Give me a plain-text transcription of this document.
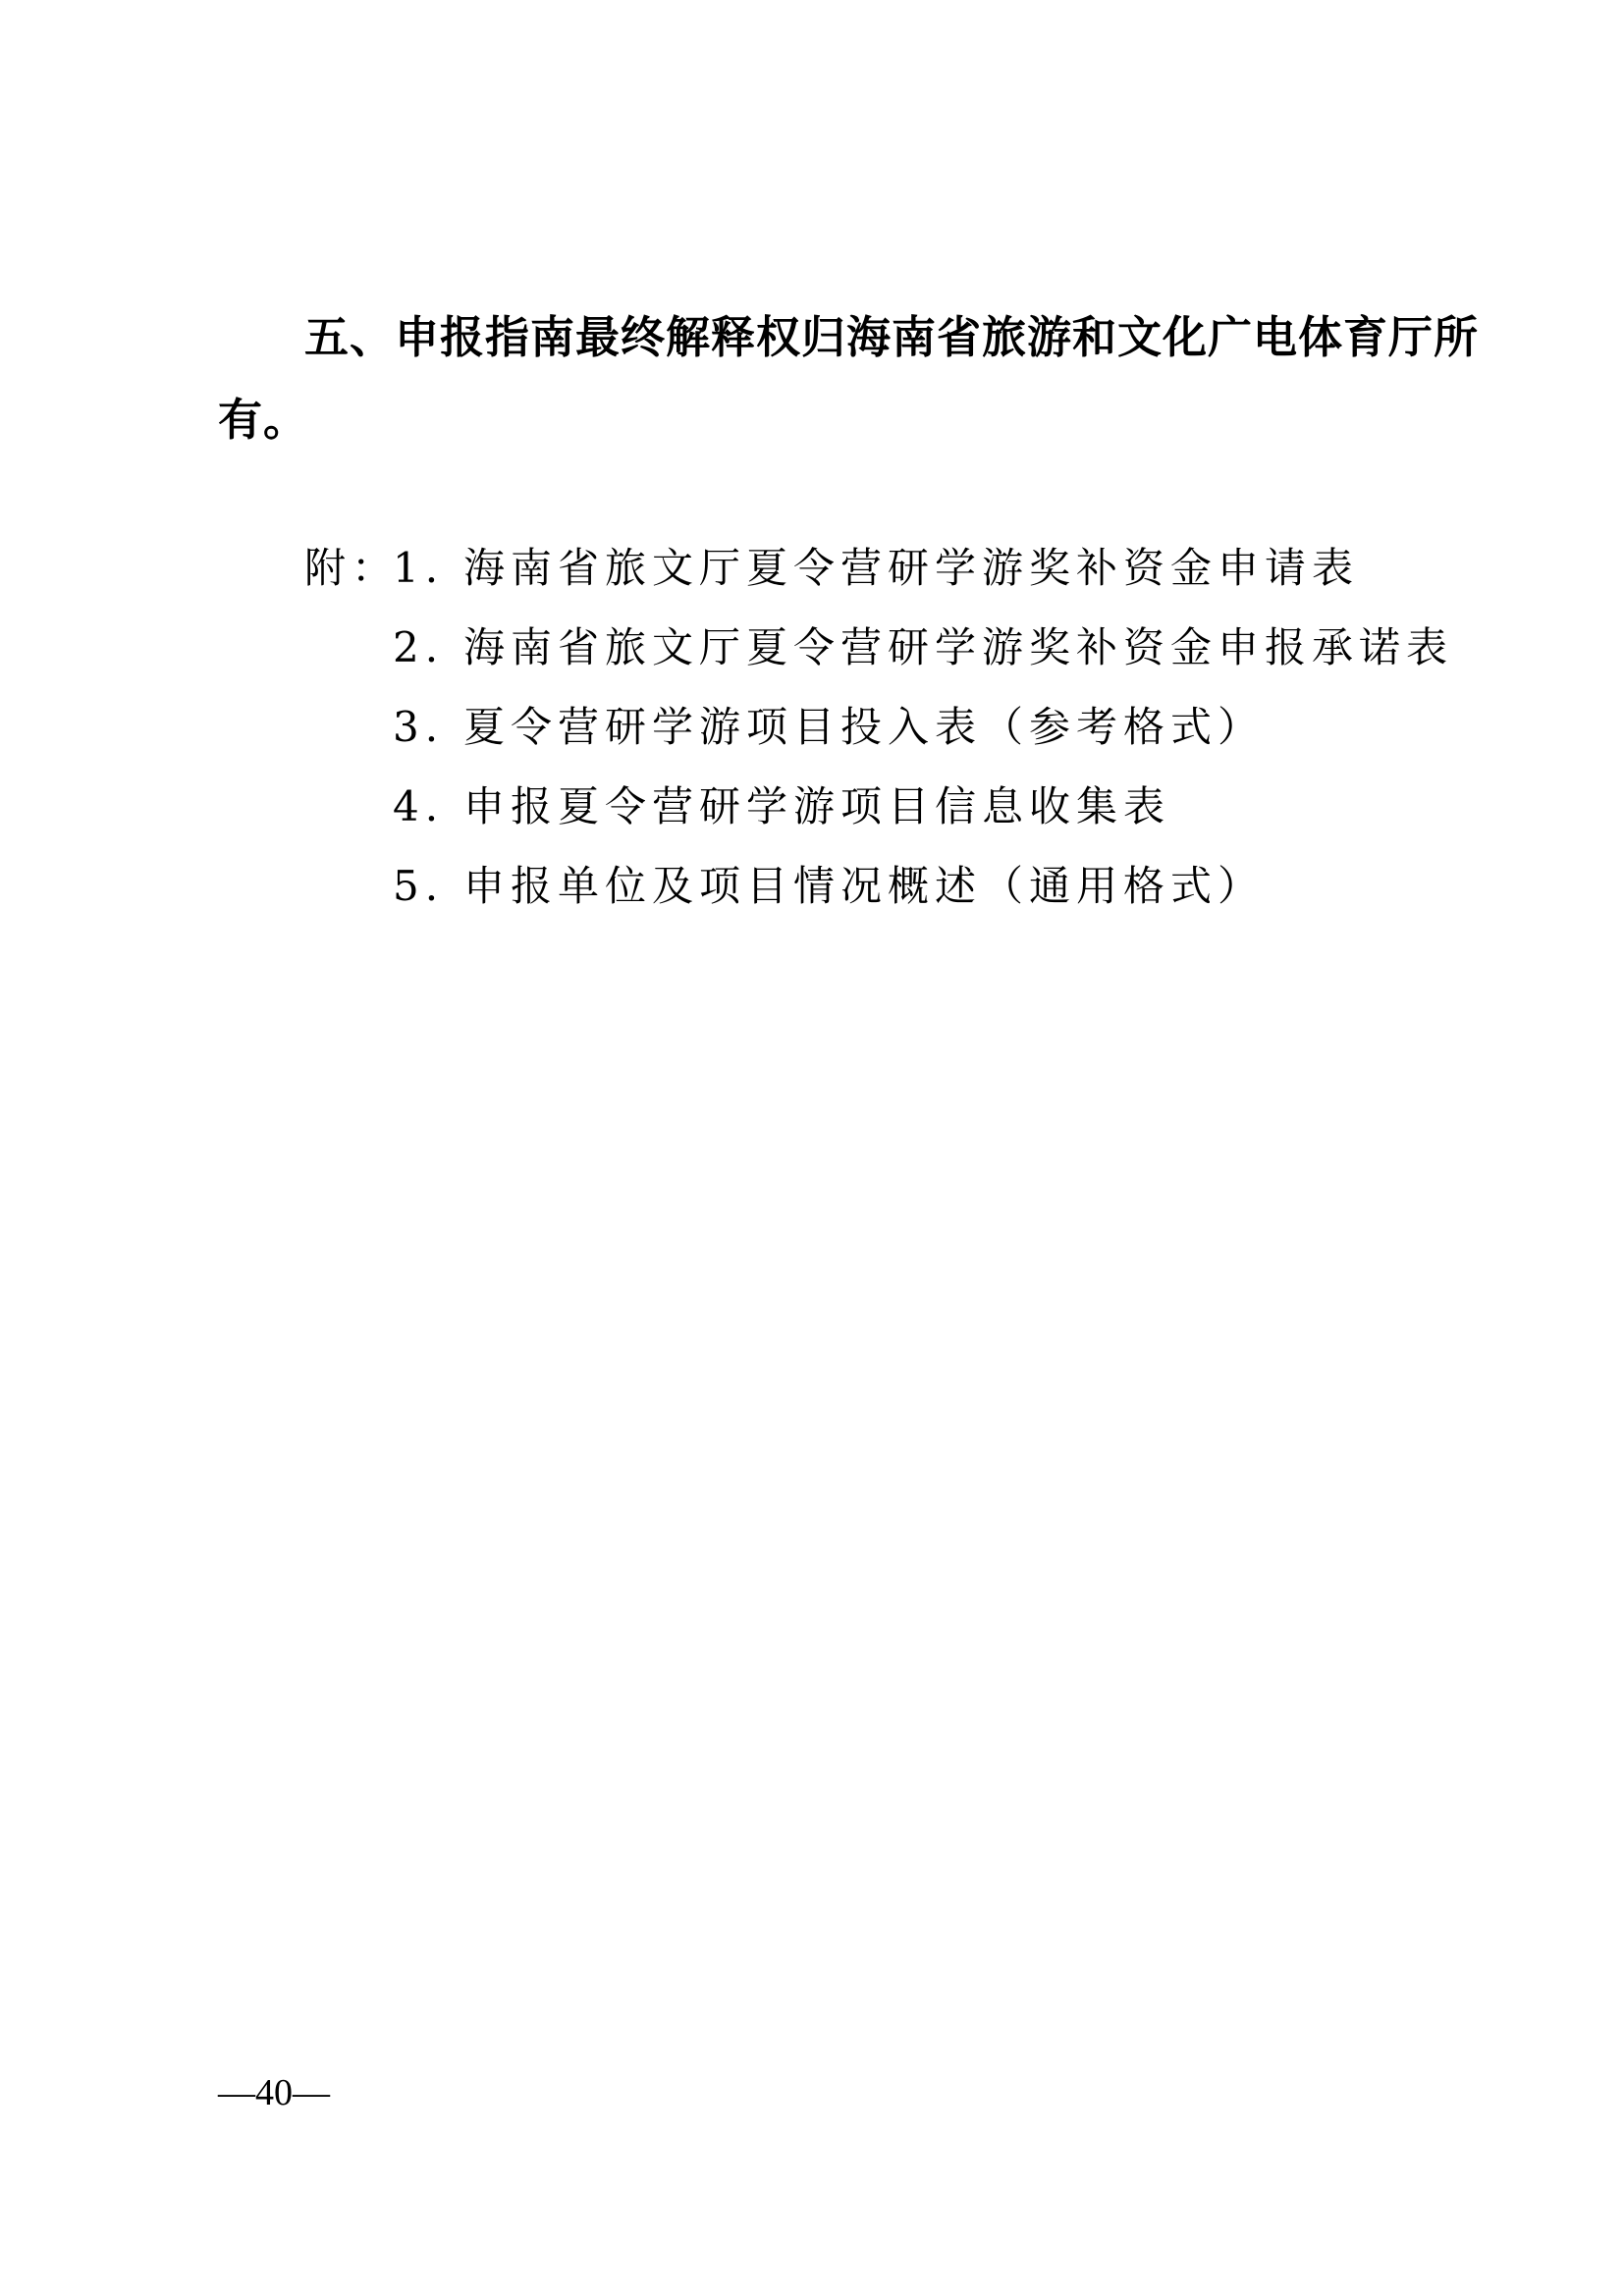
五、申报指南最终解释权归海南省旅游和文化广电体育厅所
有。
附：1. 海南省旅文厅夏令营研学游奖补资金申请表
2. 海南省旅文厅夏令营研学游奖补资金申报承诺表
3. 夏令营研学游项目投入表（参考格式）
4. 申报夏令营研学游项目信息收集表
5. 申报单位及项目情况概述（通用格式）
—40—
